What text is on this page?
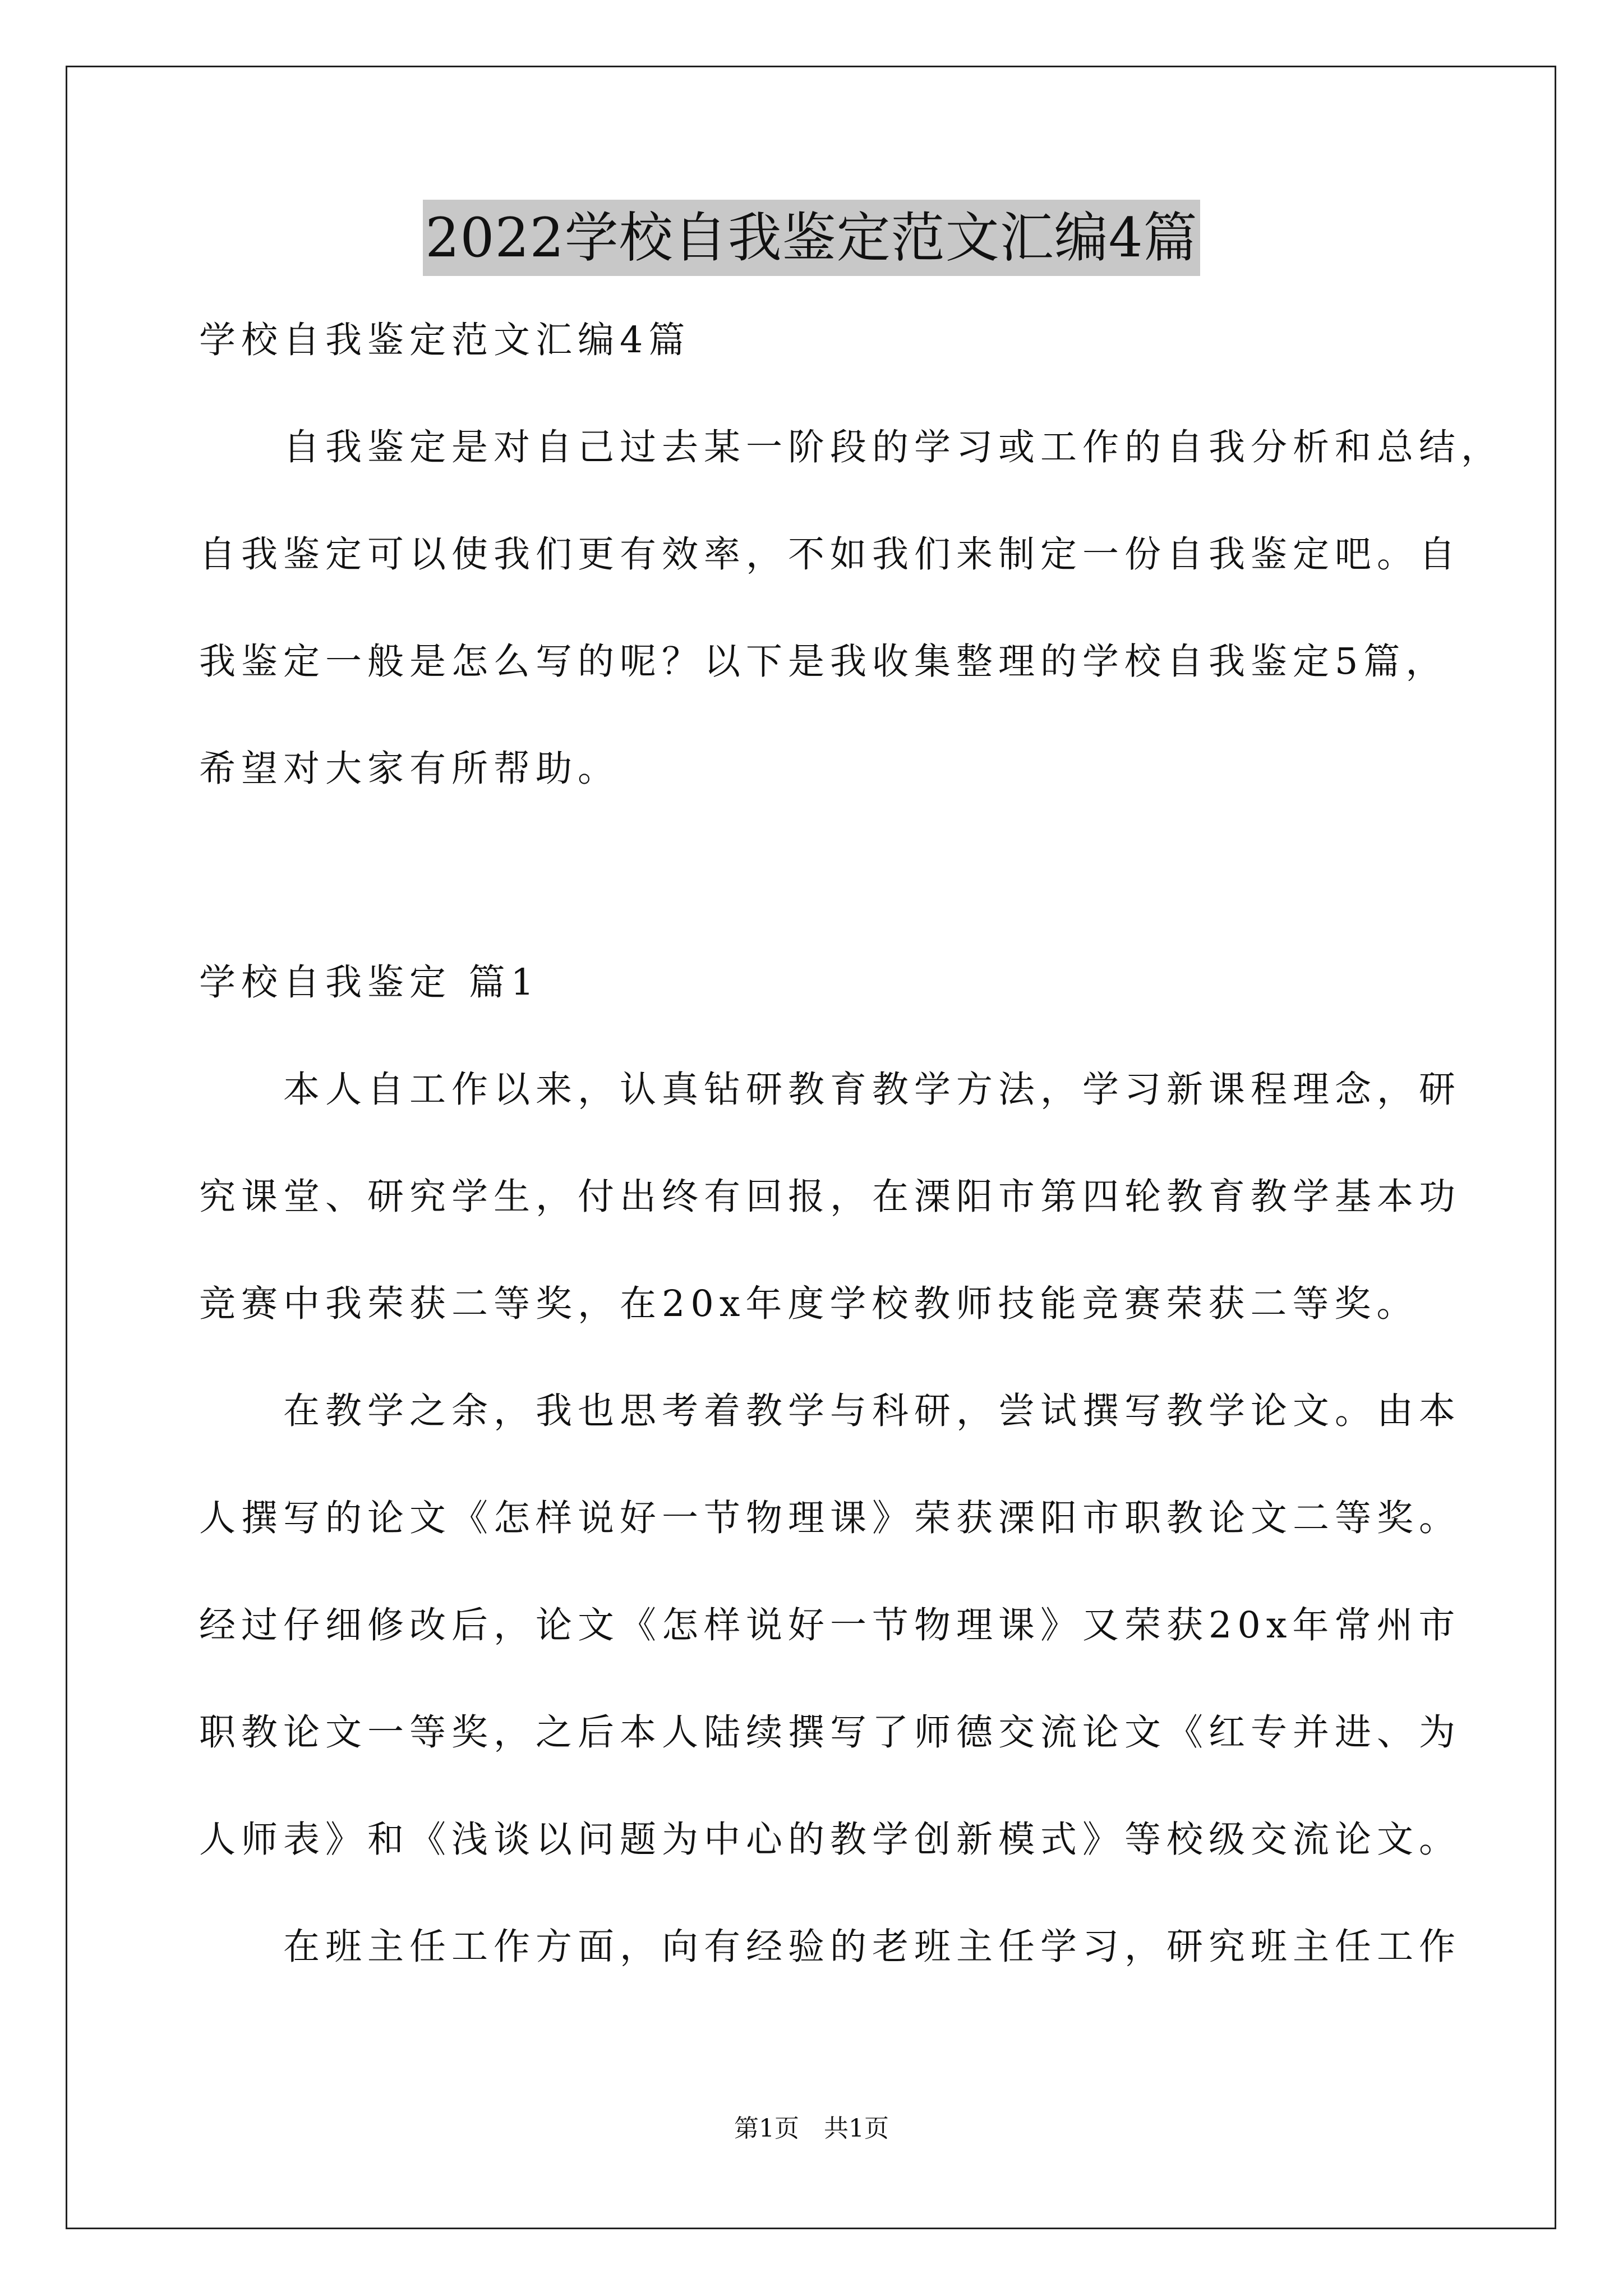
2022学校自我鉴定范文汇编4篇
学校自我鉴定范文汇编4篇
　　自我鉴定是对自己过去某一阶段的学习或工作的自我分析和总结，
自我鉴定可以使我们更有效率，不如我们来制定一份自我鉴定吧。自
我鉴定一般是怎么写的呢？以下是我收集整理的学校自我鉴定5篇，
希望对大家有所帮助。
学校自我鉴定 篇1
　　本人自工作以来，认真钻研教育教学方法，学习新课程理念，研
究课堂、研究学生，付出终有回报，在溧阳市第四轮教育教学基本功
竞赛中我荣获二等奖，在20x年度学校教师技能竞赛荣获二等奖。
　　在教学之余，我也思考着教学与科研，尝试撰写教学论文。由本
人撰写的论文《怎样说好一节物理课》荣获溧阳市职教论文二等奖。
经过仔细修改后，论文《怎样说好一节物理课》又荣获20x年常州市
职教论文一等奖，之后本人陆续撰写了师德交流论文《红专并进、为
人师表》和《浅谈以问题为中心的教学创新模式》等校级交流论文。
　　在班主任工作方面，向有经验的老班主任学习，研究班主任工作
第1页　共1页
